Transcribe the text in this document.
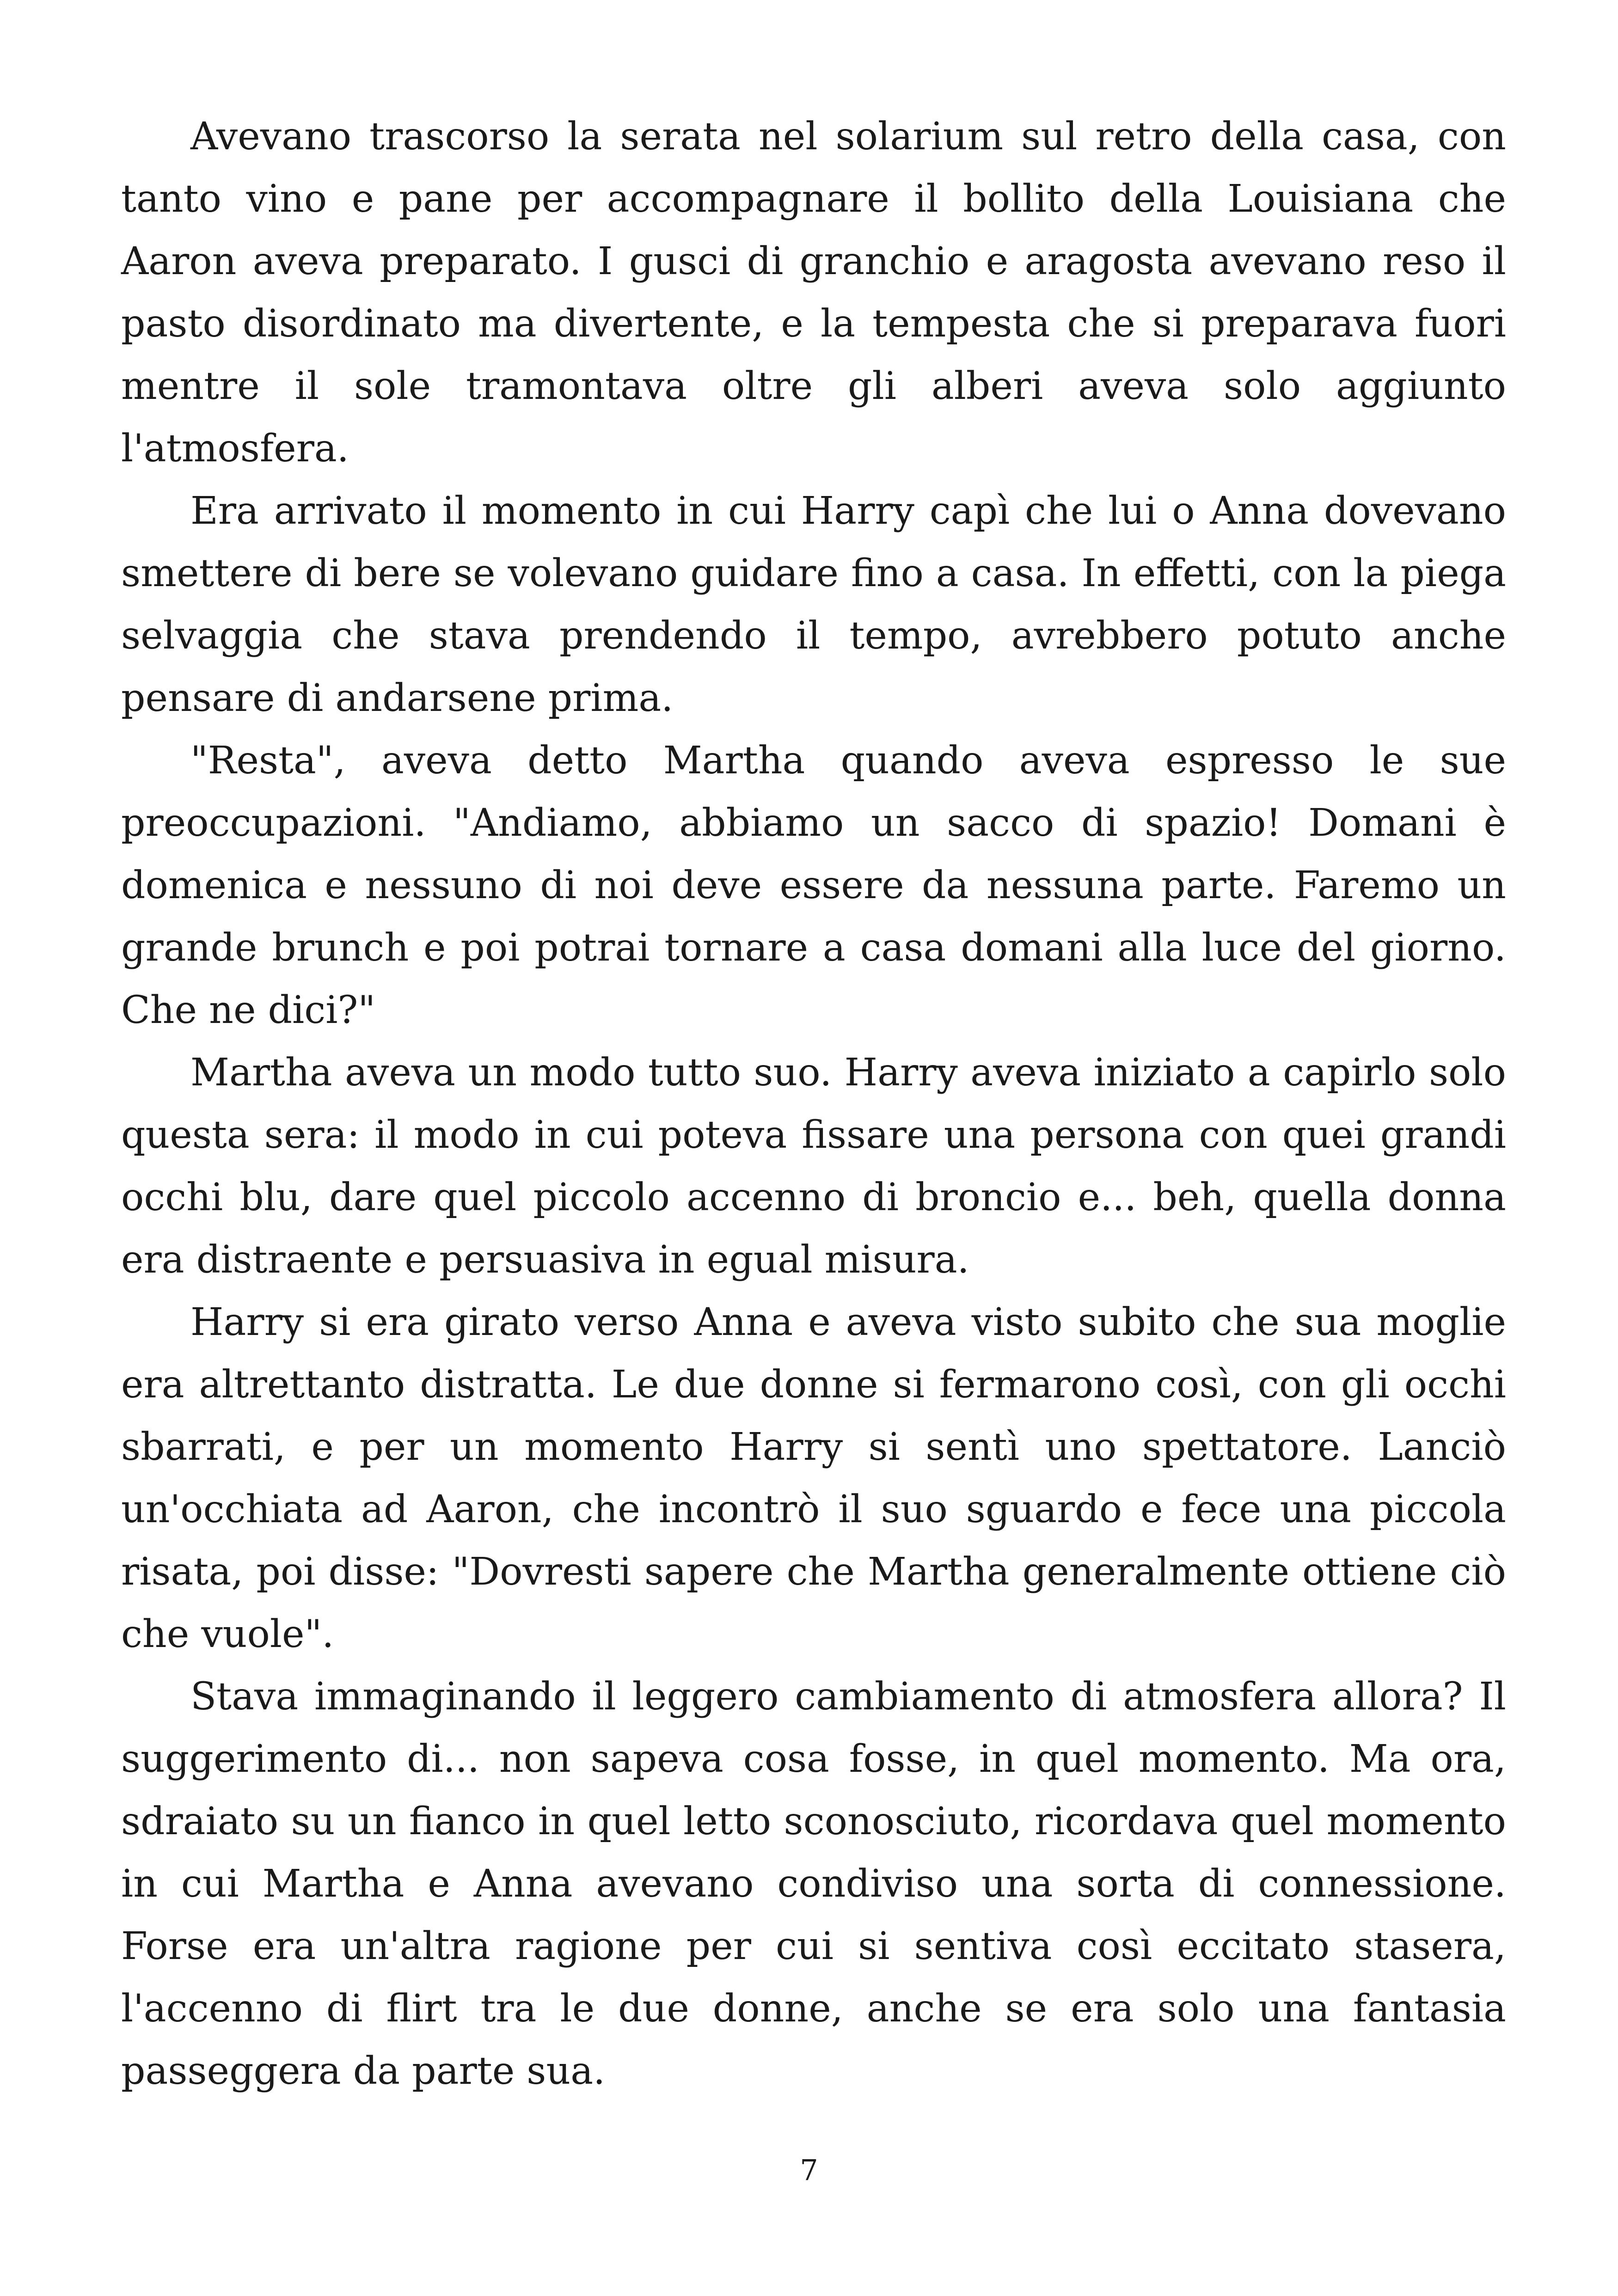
Avevano trascorso la serata nel solarium sul retro della casa, con tanto vino e pane per accompagnare il bollito della Louisiana che Aaron aveva preparato. I gusci di granchio e aragosta avevano reso il pasto disordinato ma divertente, e la tempesta che si preparava fuori mentre il sole tramontava oltre gli alberi aveva solo aggiunto l'atmosfera.

Era arrivato il momento in cui Harry capì che lui o Anna dovevano smettere di bere se volevano guidare fino a casa. In effetti, con la piega selvaggia che stava prendendo il tempo, avrebbero potuto anche pensare di andarsene prima.

"Resta", aveva detto Martha quando aveva espresso le sue preoccupazioni. "Andiamo, abbiamo un sacco di spazio! Domani è domenica e nessuno di noi deve essere da nessuna parte. Faremo un grande brunch e poi potrai tornare a casa domani alla luce del giorno. Che ne dici?"

Martha aveva un modo tutto suo. Harry aveva iniziato a capirlo solo questa sera: il modo in cui poteva fissare una persona con quei grandi occhi blu, dare quel piccolo accenno di broncio e... beh, quella donna era distraente e persuasiva in egual misura.

Harry si era girato verso Anna e aveva visto subito che sua moglie era altrettanto distratta. Le due donne si fermarono così, con gli occhi sbarrati, e per un momento Harry si sentì uno spettatore. Lanciò un'occhiata ad Aaron, che incontrò il suo sguardo e fece una piccola risata, poi disse: "Dovresti sapere che Martha generalmente ottiene ciò che vuole".

Stava immaginando il leggero cambiamento di atmosfera allora? Il suggerimento di... non sapeva cosa fosse, in quel momento. Ma ora, sdraiato su un fianco in quel letto sconosciuto, ricordava quel momento in cui Martha e Anna avevano condiviso una sorta di connessione. Forse era un'altra ragione per cui si sentiva così eccitato stasera, l'accenno di flirt tra le due donne, anche se era solo una fantasia passeggera da parte sua.

7
